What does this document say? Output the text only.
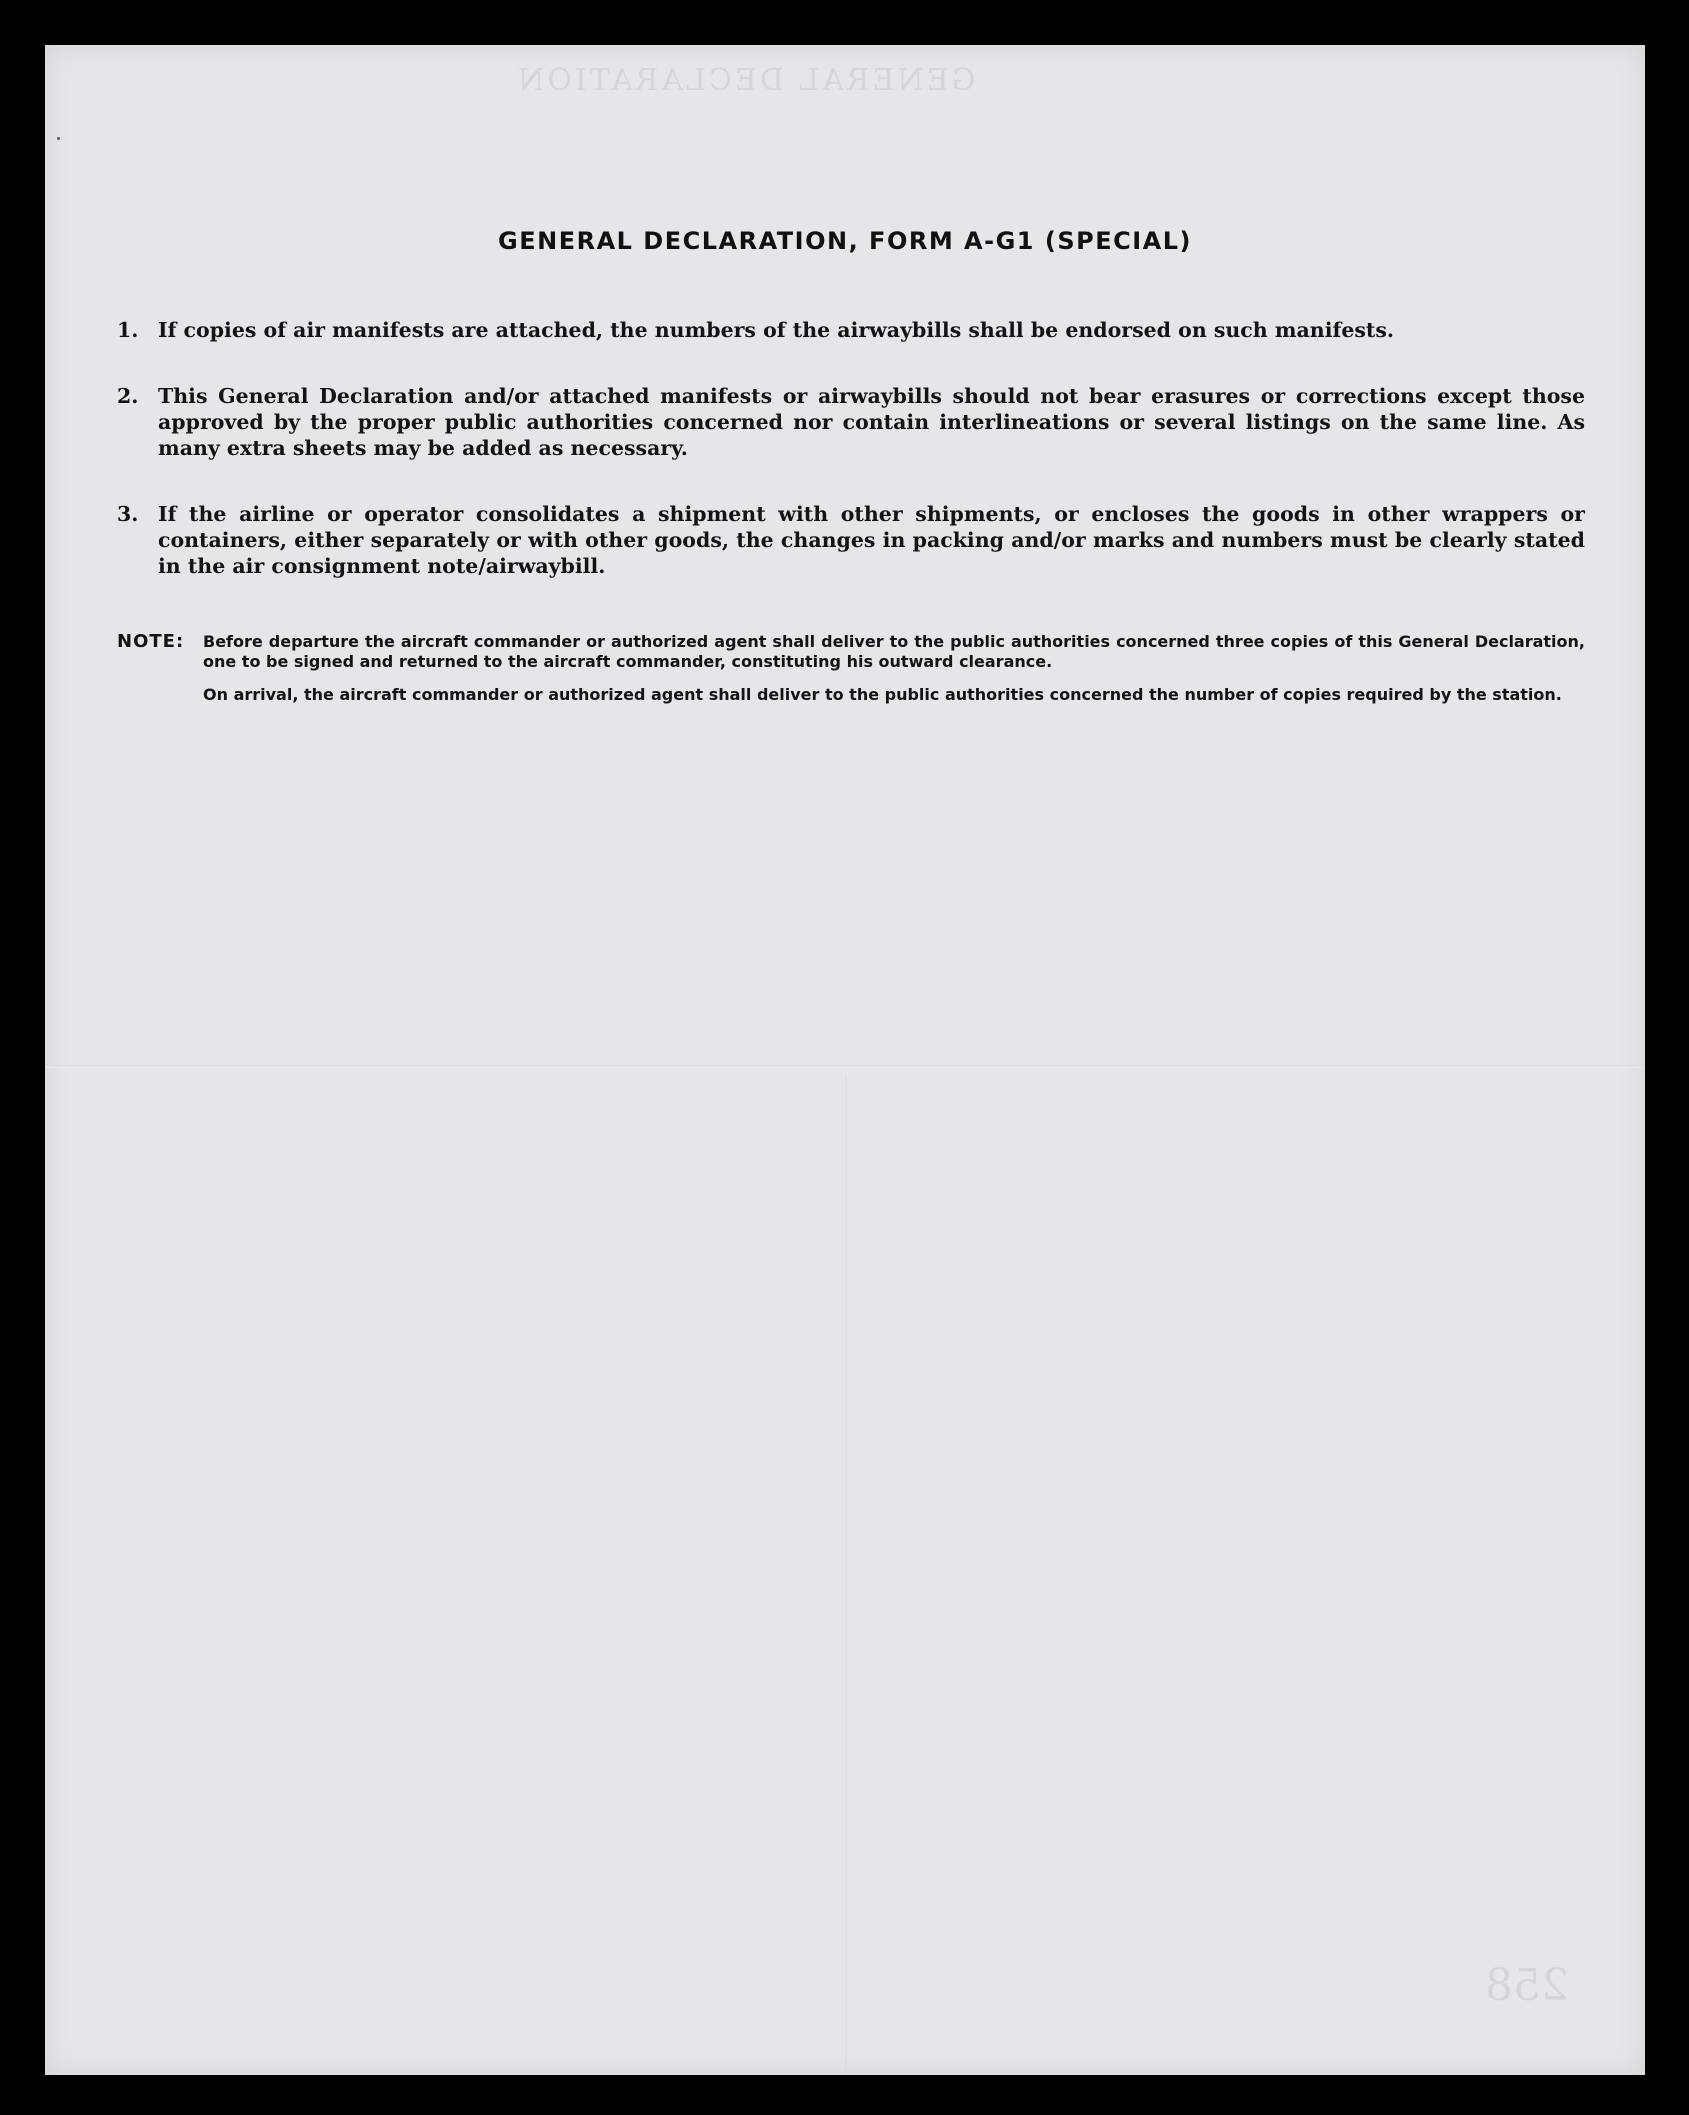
GENERAL DECLARATION
258
GENERAL DECLARATION, FORM A-G1 (SPECIAL)
1. If copies of air manifests are attached, the numbers of the airwaybills shall be endorsed on such manifests.
2. This General Declaration and/or attached manifests or airwaybills should not bear erasures or corrections except those approved by the proper public authorities concerned nor contain interlineations or several listings on the same line. As many extra sheets may be added as necessary.
3. If the airline or operator consolidates a shipment with other shipments, or encloses the goods in other wrappers or containers, either separately or with other goods, the changes in packing and/or marks and numbers must be clearly stated in the air consignment note/airwaybill.
NOTE: Before departure the aircraft commander or authorized agent shall deliver to the public authorities concerned three copies of this General Declaration, one to be signed and returned to the aircraft commander, constituting his outward clearance.
On arrival, the aircraft commander or authorized agent shall deliver to the public authorities concerned the number of copies required by the station.
